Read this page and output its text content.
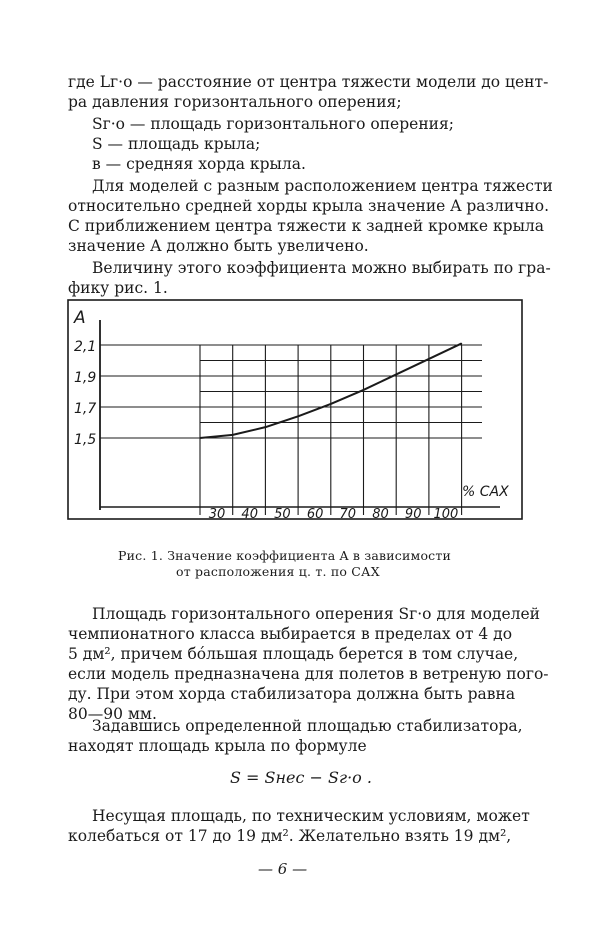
где Lг·о — расстояние от центра тяжести модели до цент-
ра давления горизонтального оперения;
Sг·о — площадь горизонтального оперения;
S — площадь крыла;
в — средняя хорда крыла.
Для моделей с разным расположением центра тяжести
относительно средней хорды крыла значение A различно.
С приближением центра тяжести к задней кромке крыла
значение A должно быть увеличено.
Величину этого коэффициента можно выбирать по гра-
фику рис. 1.
1,5
1,7
1,9
2,1
30 40 50 60 70 80 90 100
A
% САХ
Рис. 1. Значение коэффициента A в зависимости
от расположения ц. т. по САХ
Площадь горизонтального оперения Sг·о для моделей
чемпионатного класса выбирается в пределах от 4 до
5 дм², причем бо́льшая площадь берется в том случае,
если модель предназначена для полетов в ветреную пого-
ду. При этом хорда стабилизатора должна быть равна
80—90 мм.
Задавшись определенной площадью стабилизатора,
находят площадь крыла по формуле
S = Sнес − Sг·о .
Несущая площадь, по техническим условиям, может
колебаться от 17 до 19 дм². Желательно взять 19 дм²,
— 6 —
